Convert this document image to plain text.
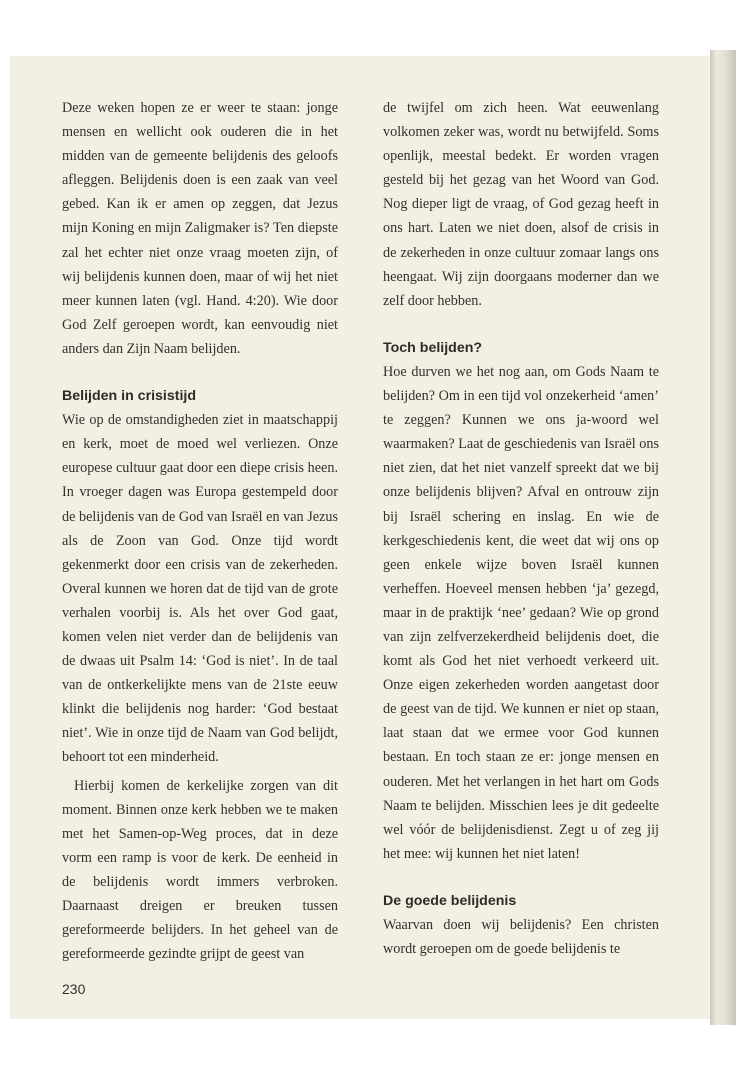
Deze weken hopen ze er weer te staan: jonge mensen en wellicht ook ouderen die in het midden van de gemeente belijdenis des geloofs afleggen. Belijdenis doen is een zaak van veel gebed. Kan ik er amen op zeggen, dat Jezus mijn Koning en mijn Zaligmaker is? Ten diepste zal het echter niet onze vraag moeten zijn, of wij belijdenis kunnen doen, maar of wij het niet meer kunnen laten (vgl. Hand. 4:20). Wie door God Zelf geroepen wordt, kan eenvoudig niet anders dan Zijn Naam belijden.

Belijden in crisistijd

Wie op de omstandigheden ziet in maatschappij en kerk, moet de moed wel verliezen. Onze europese cultuur gaat door een diepe crisis heen. In vroeger dagen was Europa gestempeld door de belijdenis van de God van Israël en van Jezus als de Zoon van God. Onze tijd wordt gekenmerkt door een crisis van de zekerheden. Overal kunnen we horen dat de tijd van de grote verhalen voorbij is. Als het over God gaat, komen velen niet verder dan de belijdenis van de dwaas uit Psalm 14: ‘God is niet’. In de taal van de ontkerkelijkte mens van de 21ste eeuw klinkt die belijdenis nog harder: ‘God bestaat niet’. Wie in onze tijd de Naam van God belijdt, behoort tot een minderheid.

Hierbij komen de kerkelijke zorgen van dit moment. Binnen onze kerk hebben we te maken met het Samen-op-Weg proces, dat in deze vorm een ramp is voor de kerk. De eenheid in de belijdenis wordt immers verbroken. Daarnaast dreigen er breuken tussen gereformeerde belijders. In het geheel van de gereformeerde gezindte grijpt de geest van

de twijfel om zich heen. Wat eeuwenlang volkomen zeker was, wordt nu betwijfeld. Soms openlijk, meestal bedekt. Er worden vragen gesteld bij het gezag van het Woord van God. Nog dieper ligt de vraag, of God gezag heeft in ons hart. Laten we niet doen, alsof de crisis in de zekerheden in onze cultuur zomaar langs ons heengaat. Wij zijn doorgaans moderner dan we zelf door hebben.

Toch belijden?

Hoe durven we het nog aan, om Gods Naam te belijden? Om in een tijd vol onzekerheid ‘amen’ te zeggen? Kunnen we ons ja-woord wel waarmaken? Laat de geschiedenis van Israël ons niet zien, dat het niet vanzelf spreekt dat we bij onze belijdenis blijven? Afval en ontrouw zijn bij Israël schering en inslag. En wie de kerkgeschiedenis kent, die weet dat wij ons op geen enkele wijze boven Israël kunnen verheffen. Hoeveel mensen hebben ‘ja’ gezegd, maar in de praktijk ‘nee’ gedaan? Wie op grond van zijn zelfverzekerdheid belijdenis doet, die komt als God het niet verhoedt verkeerd uit. Onze eigen zekerheden worden aangetast door de geest van de tijd. We kunnen er niet op staan, laat staan dat we ermee voor God kunnen bestaan. En toch staan ze er: jonge mensen en ouderen. Met het verlangen in het hart om Gods Naam te belijden. Misschien lees je dit gedeelte wel vóór de belijdenisdienst. Zegt u of zeg jij het mee: wij kunnen het niet laten!

De goede belijdenis

Waarvan doen wij belijdenis? Een christen wordt geroepen om de goede belijdenis te

230
